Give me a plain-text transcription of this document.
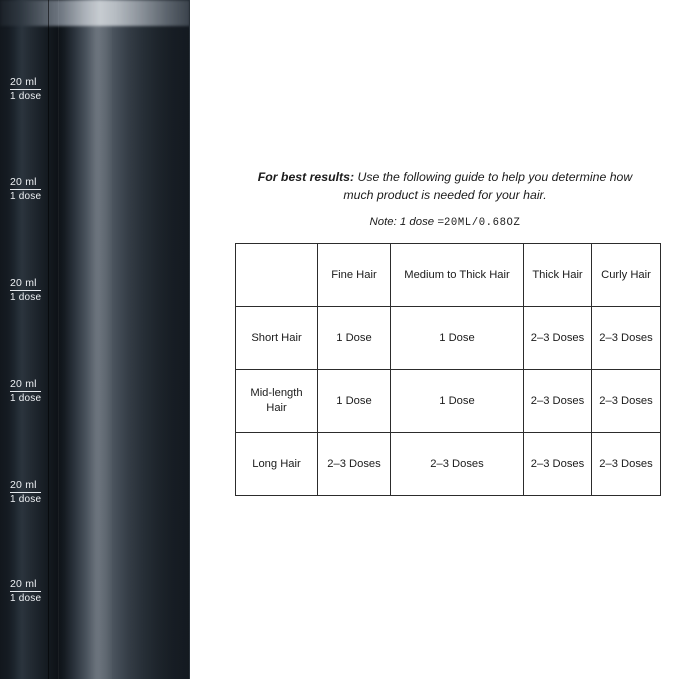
20 ml
1 dose
20 ml
1 dose
20 ml
1 dose
20 ml
1 dose
20 ml
1 dose
20 ml
1 dose
For best results: Use the following guide to help you determine how much product is needed for your hair.
Note: 1 dose =20ML/0.68OZ
	Fine Hair	Medium to Thick Hair	Thick Hair	Curly Hair
Short Hair	1 Dose	1 Dose	2–3 Doses	2–3 Doses
Mid-length Hair	1 Dose	1 Dose	2–3 Doses	2–3 Doses
Long Hair	2–3 Doses	2–3 Doses	2–3 Doses	2–3 Doses
